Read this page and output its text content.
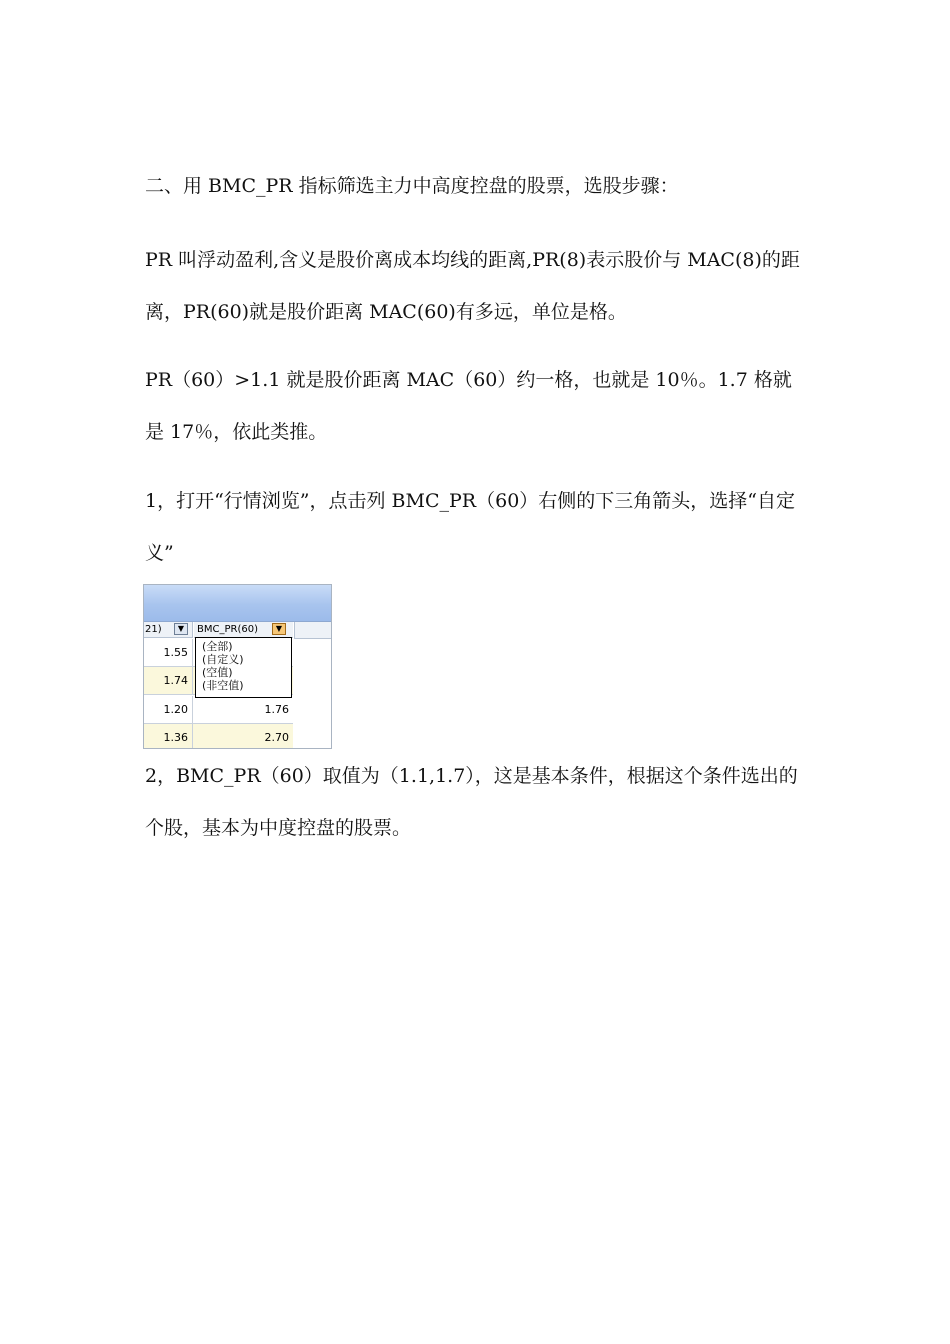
二、用 BMC_PR 指标筛选主力中高度控盘的股票，选股步骤：

PR 叫浮动盈利,含义是股价离成本均线的距离,PR(8)表示股价与 MAC(8)的距离，PR(60)就是股价距离 MAC(60)有多远，单位是格。

PR（60）>1.1 就是股价距离 MAC（60）约一格，也就是 10％。1.7 格就是 17％，依此类推。

1，打开“行情浏览”，点击列 BMC_PR（60）右侧的下三角箭头，选择“自定义”

21)	▼	BMC_PR(60)	▼
1.55
1.74
1.20	1.76
1.36	2.70
(全部)
(自定义)
(空值)
(非空值)

2，BMC_PR（60）取值为（1.1,1.7），这是基本条件，根据这个条件选出的个股，基本为中度控盘的股票。
